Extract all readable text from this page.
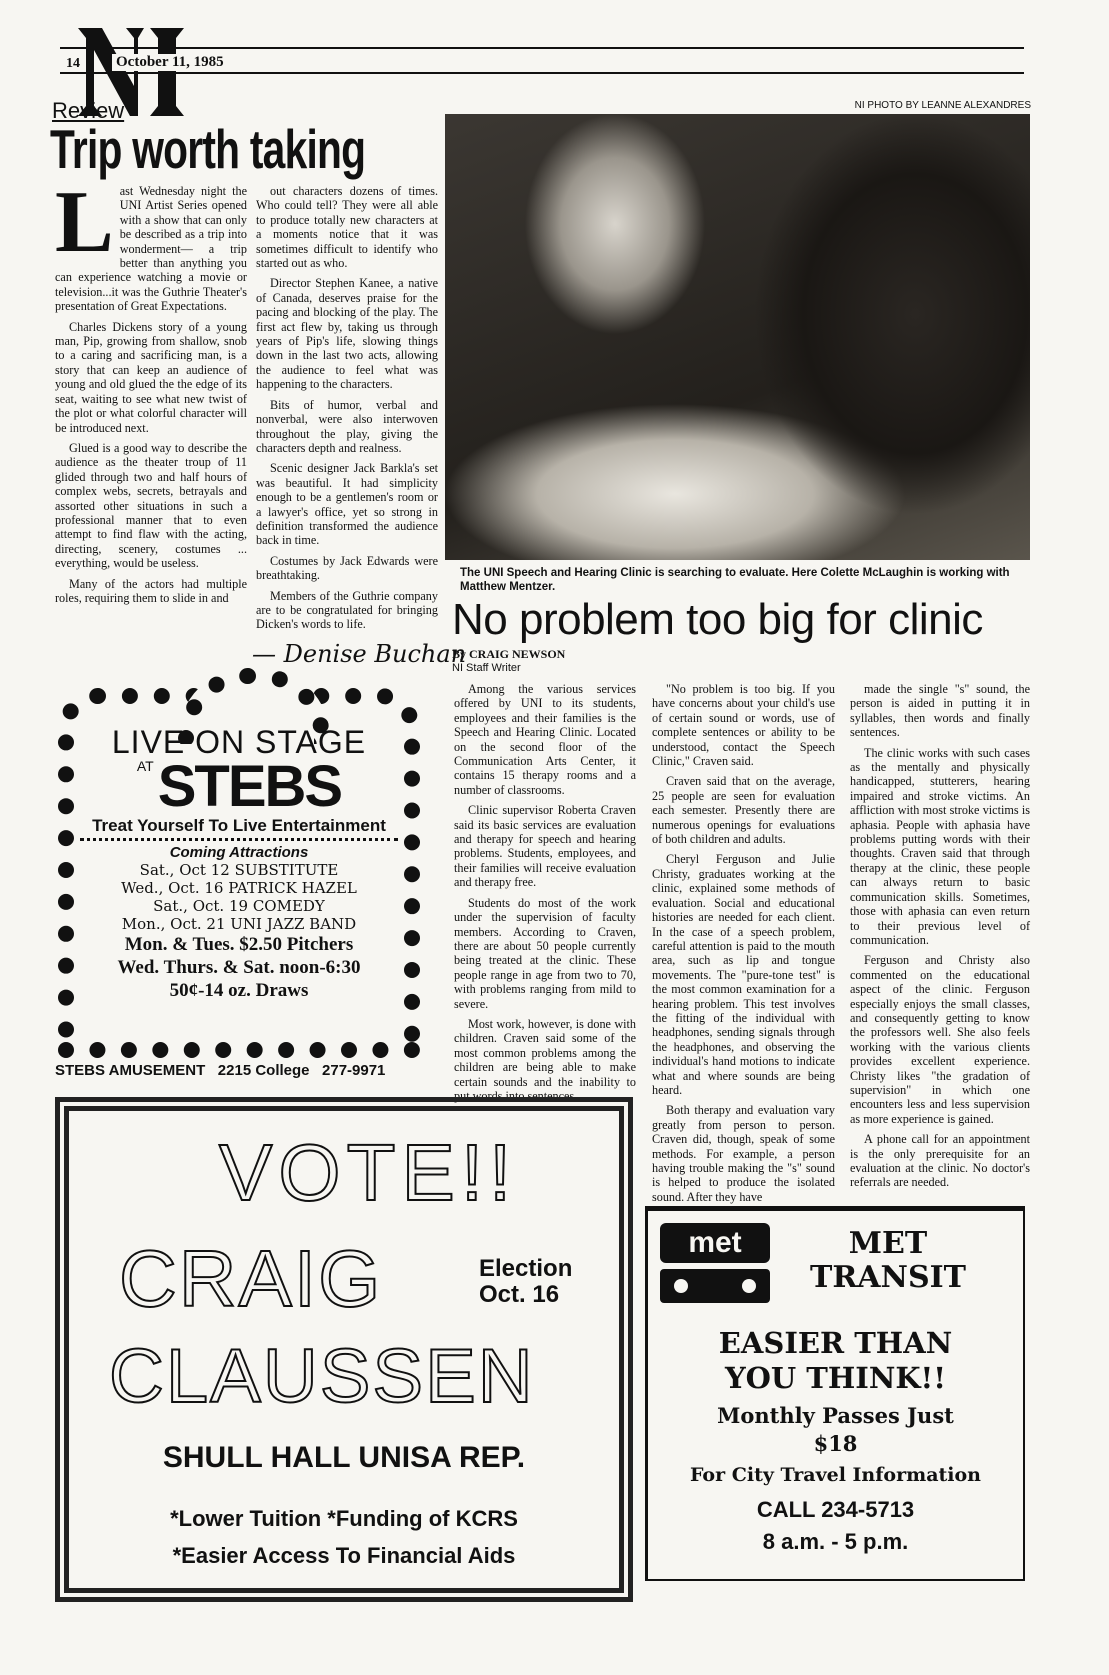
14 October 11, 1985
Review
Trip worth taking

Last Wednesday night the UNI Artist Series opened with a show that can only be described as a trip into wonderment— a trip better than anything you can experience watching a movie or television...it was the Guthrie Theater's presentation of Great Expectations.

Charles Dickens story of a young man, Pip, growing from shallow, snob to a caring and sacrificing man, is a story that can keep an audience of young and old glued the the edge of its seat, waiting to see what new twist of the plot or what colorful character will be introduced next.

Glued is a good way to describe the audience as the theater troup of 11 glided through two and half hours of complex webs, secrets, betrayals and assorted other situations in such a professional manner that to even attempt to find flaw with the acting, directing, scenery, costumes ... everything, would be useless.

Many of the actors had multiple roles, requiring them to slide in and

out characters dozens of times. Who could tell? They were all able to produce totally new characters at a moments notice that it was sometimes difficult to identify who started out as who.

Director Stephen Kanee, a native of Canada, deserves praise for the pacing and blocking of the play. The first act flew by, taking us through years of Pip's life, slowing things down in the last two acts, allowing the audience to feel what was happening to the characters.

Bits of humor, verbal and nonverbal, were also interwoven throughout the play, giving the characters depth and realness.

Scenic designer Jack Barkla's set was beautiful. It had simplicity enough to be a gentlemen's room or a lawyer's office, yet so strong in definition transformed the audience back in time.

Costumes by Jack Edwards were breathtaking.

Members of the Guthrie company are to be congratulated for bringing Dicken's words to life.

— Denise Buchan
NI PHOTO BY LEANNE ALEXANDRES
The UNI Speech and Hearing Clinic is searching to evaluate. Here Colette McLaughin is working with Matthew Mentzer.
No problem too big for clinic
By CRAIG NEWSON
NI Staff Writer

Among the various services offered by UNI to its students, employees and their families is the Speech and Hearing Clinic. Located on the second floor of the Communication Arts Center, it contains 15 therapy rooms and a number of classrooms.

Clinic supervisor Roberta Craven said its basic services are evaluation and therapy for speech and hearing problems. Students, employees, and their families will receive evaluation and therapy free.

Students do most of the work under the supervision of faculty members. According to Craven, there are about 50 people currently being treated at the clinic. These people range in age from two to 70, with problems ranging from mild to severe.

Most work, however, is done with children. Craven said some of the most common problems among the children are being able to make certain sounds and the inability to put words into sentences.

"No problem is too big. If you have concerns about your child's use of certain sound or words, use of complete sentences or ability to be understood, contact the Speech Clinic," Craven said.

Craven said that on the average, 25 people are seen for evaluation each semester. Presently there are numerous openings for evaluations of both children and adults.

Cheryl Ferguson and Julie Christy, graduates working at the clinic, explained some methods of evaluation. Social and educational histories are needed for each client. In the case of a speech problem, careful attention is paid to the mouth area, such as lip and tongue movements. The "pure-tone test" is the most common examination for a hearing problem. This test involves the fitting of the individual with headphones, sending signals through the headphones, and observing the individual's hand motions to indicate what and where sounds are being heard.

Both therapy and evaluation vary greatly from person to person. Craven did, though, speak of some methods. For example, a person having trouble making the "s" sound is helped to produce the isolated sound. After they have

made the single "s" sound, the person is aided in putting it in syllables, then words and finally sentences.

The clinic works with such cases as the mentally and physically handicapped, stutterers, hearing impaired and stroke victims. An affliction with most stroke victims is aphasia. People with aphasia have problems putting words with their thoughts. Craven said that through therapy at the clinic, these people can always return to basic communication skills. Sometimes, those with aphasia can even return to their previous level of communication.

Ferguson and Christy also commented on the educational aspect of the clinic. Ferguson especially enjoys the small classes, and consequently getting to know the professors well. She also feels working with the various clients provides excellent experience. Christy likes "the gradation of supervision" in which one encounters less and less supervision as more experience is gained.

A phone call for an appointment is the only prerequisite for an evaluation at the clinic. No doctor's referrals are needed.

LIVE ON STAGE
AT STEBS
Treat Yourself To Live Entertainment
Coming Attractions
Sat., Oct 12 SUBSTITUTE
Wed., Oct. 16 PATRICK HAZEL
Sat., Oct. 19 COMEDY
Mon., Oct. 21 UNI JAZZ BAND
Mon. & Tues. $2.50 Pitchers
Wed. Thurs. & Sat. noon-6:30
50¢-14 oz. Draws
STEBS AMUSEMENT   2215 College   277-9971
VOTE!!
CRAIG	Election
Oct. 16
CLAUSSEN
SHULL HALL UNISA REP.
*Lower Tuition *Funding of KCRS
*Easier Access To Financial Aids
met	MET
TRANSIT
EASIER THAN
YOU THINK!!
Monthly Passes Just
$18
For City Travel Information
CALL 234-5713
8 a.m. - 5 p.m.
